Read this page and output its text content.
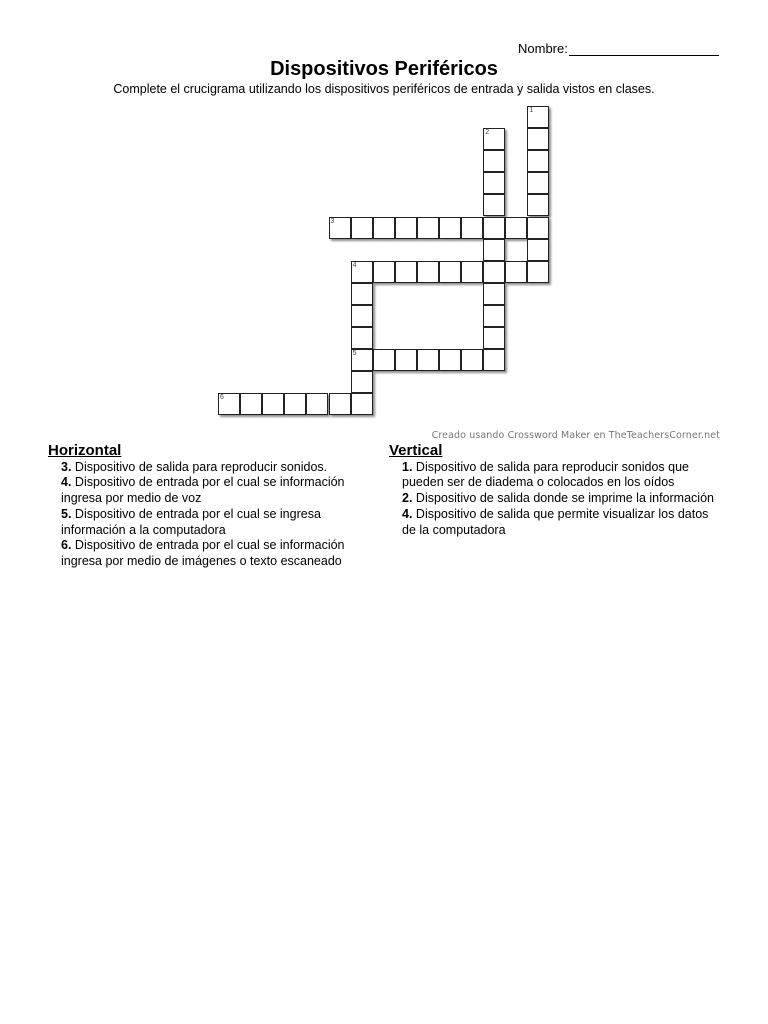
Nombre:
Dispositivos Periféricos
Complete el crucigrama utilizando los dispositivos periféricos de entrada y salida vistos en clases.
1
2
3
4
5
6
Creado usando Crossword Maker en TheTeachersCorner.net
Horizontal
3. Dispositivo de salida para reproducir sonidos.
4. Dispositivo de entrada por el cual se información ingresa por medio de voz
5. Dispositivo de entrada por el cual se ingresa información a la computadora
6. Dispositivo de entrada por el cual se información ingresa por medio de imágenes o texto escaneado
Vertical
1. Dispositivo de salida para reproducir sonidos que pueden ser de diadema o colocados en los oídos
2. Dispositivo de salida donde se imprime la información
4. Dispositivo de salida que permite visualizar los datos de la computadora
